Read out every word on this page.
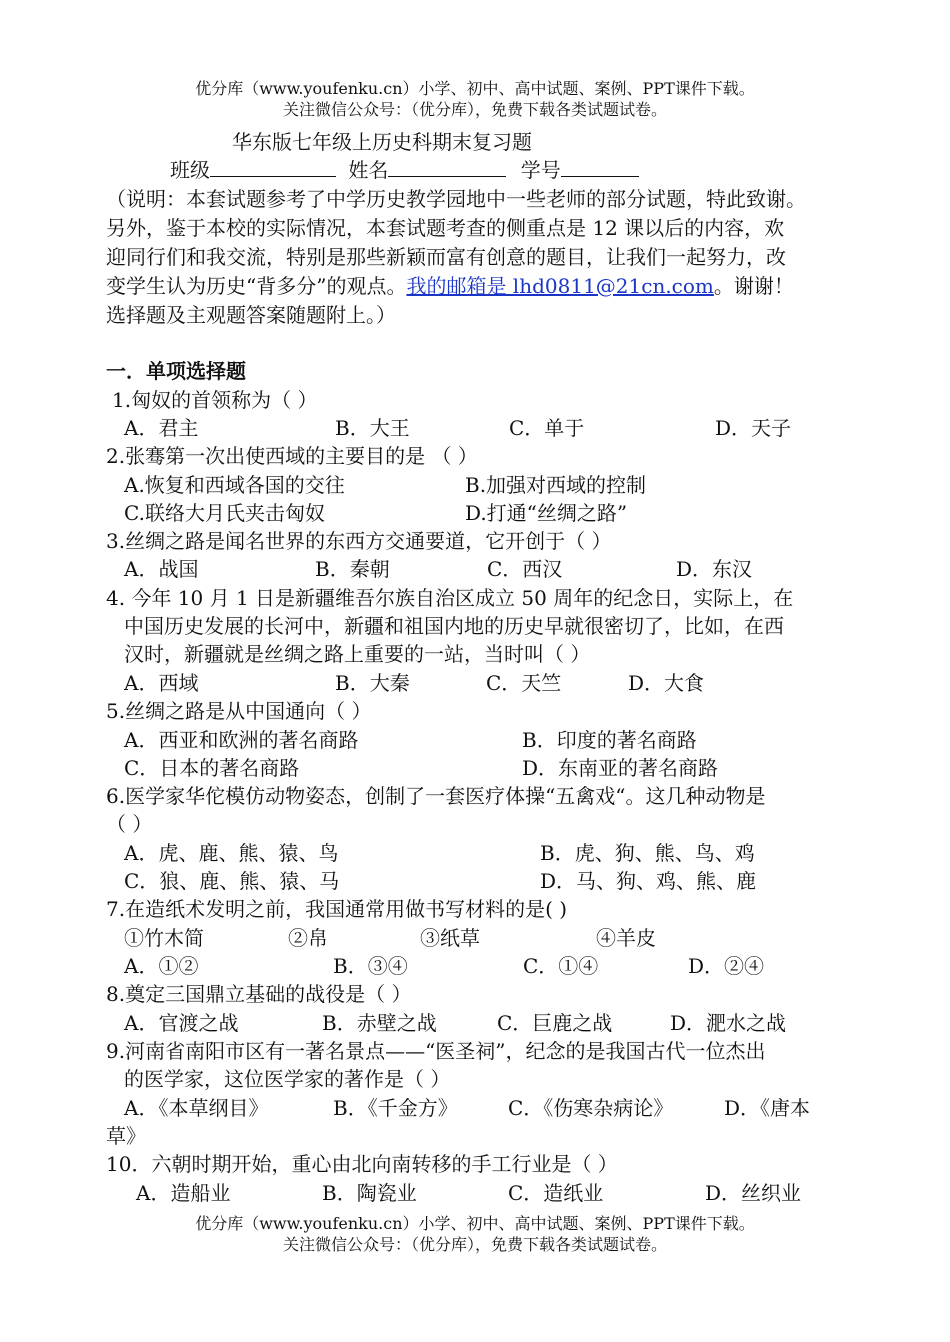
优分库（www.youfenku.cn）小学、初中、高中试题、案例、PPT课件下载。
关注微信公众号：（优分库），免费下载各类试题试卷。
华东版七年级上历史科期末复习题
班级	姓名	学号
（说明：本套试题参考了中学历史教学园地中一些老师的部分试题，特此致谢。
另外，鉴于本校的实际情况，本套试题考查的侧重点是 12 课以后的内容，欢
迎同行们和我交流，特别是那些新颖而富有创意的题目，让我们一起努力，改
变学生认为历史“背多分”的观点。我的邮箱是 lhd0811@21cn.com。谢谢！
选择题及主观题答案随题附上。）
一．单项选择题
1.匈奴的首领称为（ ）
A．君主	B．大王	C．单于	D．天子
2.张骞第一次出使西域的主要目的是 （ ）
A.恢复和西域各国的交往	B.加强对西域的控制
C.联络大月氏夹击匈奴	D.打通“丝绸之路”
3.丝绸之路是闻名世界的东西方交通要道，它开创于（ ）
A．战国	B．秦朝	C．西汉	D．东汉
4. 今年 10 月 1 日是新疆维吾尔族自治区成立 50 周年的纪念日，实际上，在
中国历史发展的长河中，新疆和祖国内地的历史早就很密切了，比如，在西
汉时，新疆就是丝绸之路上重要的一站，当时叫（ ）
A．西域	B．大秦	C．天竺	D．大食
5.丝绸之路是从中国通向（ ）
A．西亚和欧洲的著名商路	B．印度的著名商路
C．日本的著名商路	D．东南亚的著名商路
6.医学家华佗模仿动物姿态，创制了一套医疗体操“五禽戏“。这几种动物是
（ ）
A．虎、鹿、熊、猿、鸟	B．虎、狗、熊、鸟、鸡
C．狼、鹿、熊、猿、马	D．马、狗、鸡、熊、鹿
7.在造纸术发明之前，我国通常用做书写材料的是( )
①竹木简	②帛	③纸草	④羊皮
A．①②	B．③④	C．①④	D．②④
8.奠定三国鼎立基础的战役是（ ）
A．官渡之战	B．赤壁之战	C．巨鹿之战	D．淝水之战
9.河南省南阳市区有一著名景点——“医圣祠”，纪念的是我国古代一位杰出
的医学家，这位医学家的著作是（ ）
A．《本草纲目》	B．《千金方》	C．《伤寒杂病论》	D．《唐本
草》
10．六朝时期开始，重心由北向南转移的手工行业是（ ）
A．造船业	B．陶瓷业	C．造纸业	D．丝织业
优分库（www.youfenku.cn）小学、初中、高中试题、案例、PPT课件下载。
关注微信公众号：（优分库），免费下载各类试题试卷。
